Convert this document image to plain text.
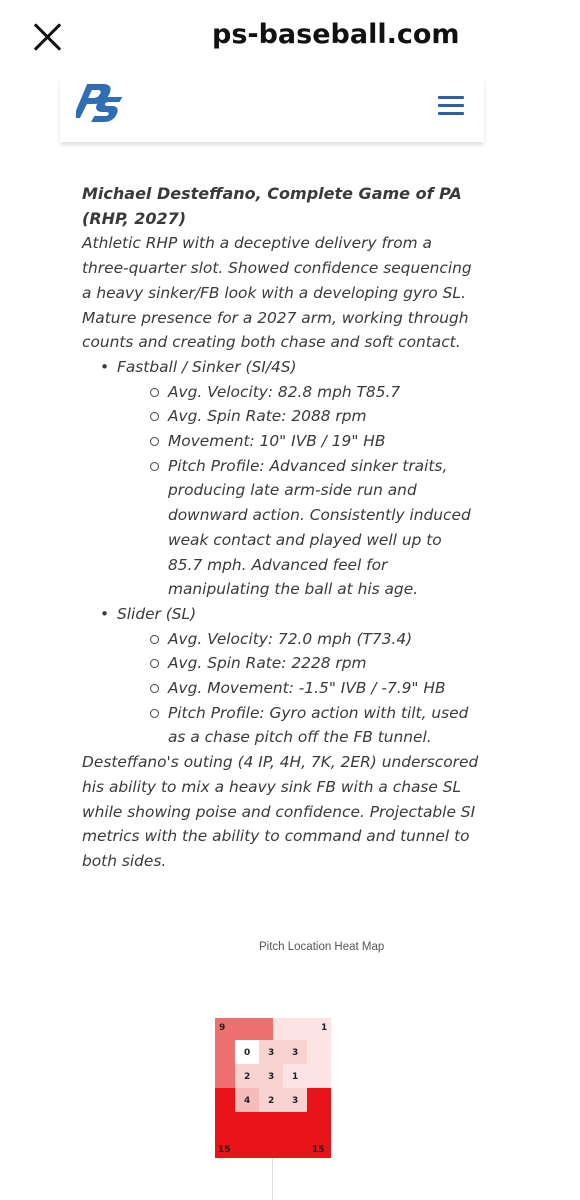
ps-baseball.com

Michael Desteffano, Complete Game of PA (RHP, 2027)

Athletic RHP with a deceptive delivery from a three-quarter slot. Showed confidence sequencing a heavy sinker/FB look with a developing gyro SL. Mature presence for a 2027 arm, working through counts and creating both chase and soft contact.

• Fastball / Sinker (SI/4S)
Avg. Velocity: 82.8 mph T85.7
Avg. Spin Rate: 2088 rpm
Movement: 10" IVB / 19" HB
Pitch Profile: Advanced sinker traits, producing late arm-side run and downward action. Consistently induced weak contact and played well up to 85.7 mph. Advanced feel for manipulating the ball at his age.
• Slider (SL)
Avg. Velocity: 72.0 mph (T73.4)
Avg. Spin Rate: 2228 rpm
Avg. Movement: -1.5" IVB / -7.9" HB
Pitch Profile: Gyro action with tilt, used as a chase pitch off the FB tunnel.

Desteffano's outing (4 IP, 4H, 7K, 2ER) underscored his ability to mix a heavy sink FB with a chase SL while showing poise and confidence. Projectable SI metrics with the ability to command and tunnel to both sides.

Pitch Location Heat Map
0 3 3
2 3 1
4 2 3
9	1
15	15
